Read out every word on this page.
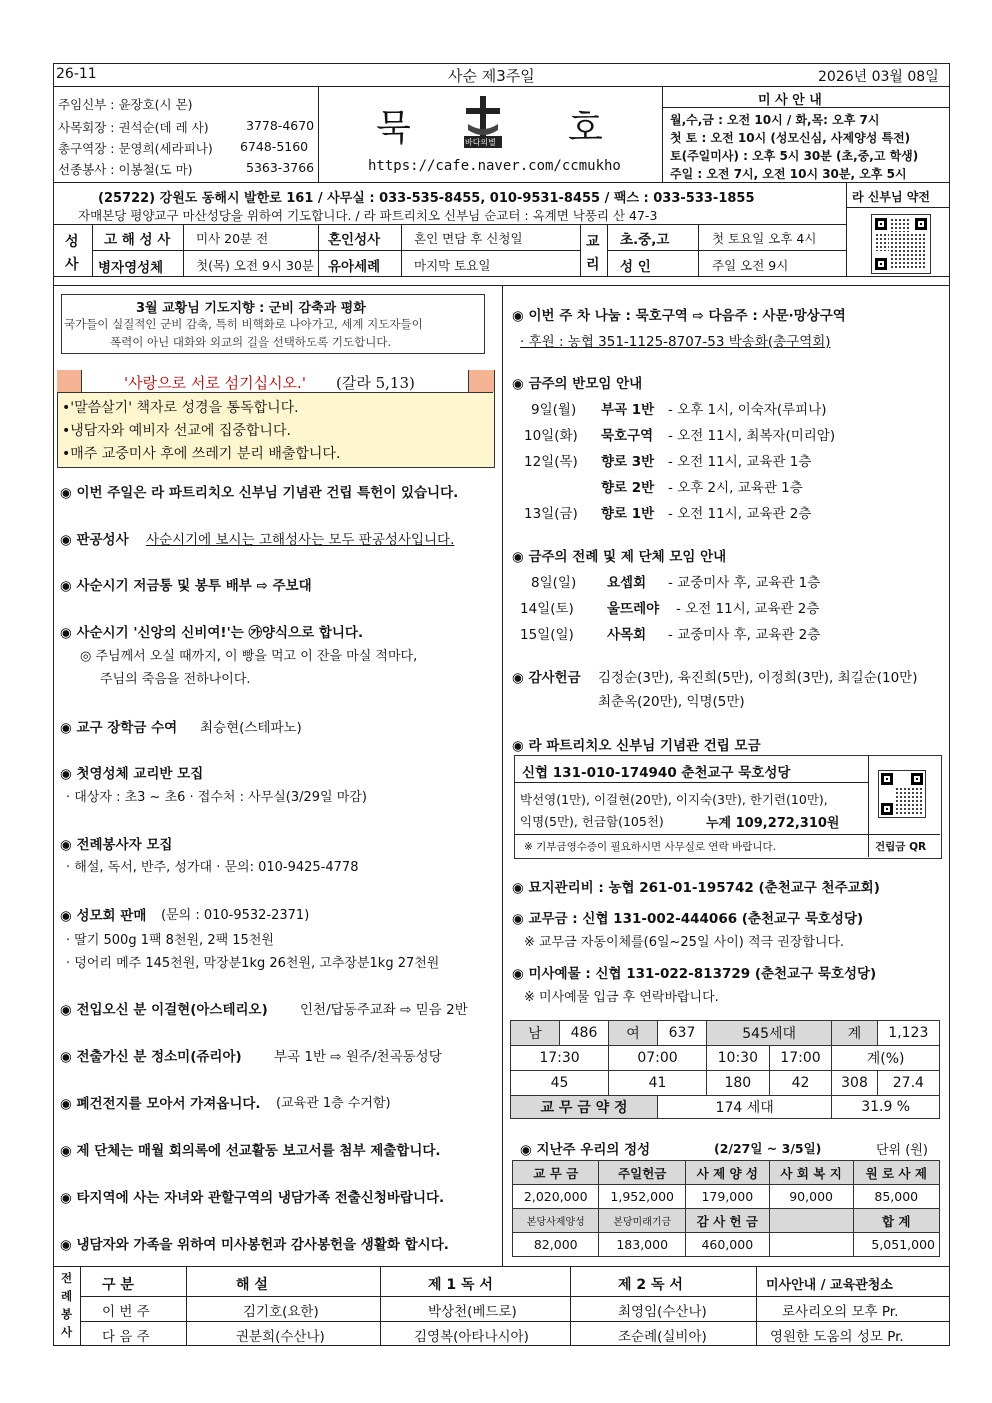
26-11	사순 제3주일	2026년 03월 08일
주임신부 : 윤장호(시 몬)
사목회장 : 권석순(데 레 사)	3778-4670
총구역장 : 문영희(세라피나) 6748-5160
선종봉사 : 이봉철(도 마)	5363-3766
묵	바다의별 호
https://cafe.naver.com/ccmukho
미 사 안 내
월,수,금 : 오전 10시 / 화,목: 오후 7시
첫 토 : 오전 10시 (성모신심, 사제양성 특전)
토(주일미사) : 오후 5시 30분 (초,중,고 학생)
주일 : 오전 7시, 오전 10시 30분, 오후 5시
(25722) 강원도 동해시 발한로 161 / 사무실 : 033-535-8455, 010-9531-8455 / 팩스 : 033-533-1855
자매본당 평양교구 마산성당을 위하여 기도합니다. / 라 파트리치오 신부님 순교터 : 옥계면 낙풍리 산 47-3
라 신부님 약전
성
사
고 해 성 사 미사 20분 전	혼인성사	혼인 면담 후 신청일
병자영성체	첫(목) 오전 9시 30분 유아세례	마지막 토요일
교
리
초.중,고	첫 토요일 오후 4시
성 인	주일 오전 9시
3월 교황님 기도지향 : 군비 감축과 평화
국가들이 실질적인 군비 감축, 특히 비핵화로 나아가고, 세계 지도자들이
폭력이 아닌 대화와 외교의 길을 선택하도록 기도합니다.
'사랑으로 서로 섬기십시오.' (갈라 5,13)
•'말씀살기' 책자로 성경을 통독합니다.
•냉담자와 예비자 선교에 집중합니다.
•매주 교중미사 후에 쓰레기 분리 배출합니다.
◉ 이번 주일은 라 파트리치오 신부님 기념관 건립 특헌이 있습니다.
◉ 판공성사 사순시기에 보시는 고해성사는 모두 판공성사입니다.
◉ 사순시기 저금통 및 봉투 배부 ⇨ 주보대
◉ 사순시기 '신앙의 신비여!'는 ㉮양식으로 합니다.
◎ 주님께서 오실 때까지, 이 빵을 먹고 이 잔을 마실 적마다,
주님의 죽음을 전하나이다.
◉ 교구 장학금 수여 최승현(스테파노)
◉ 첫영성체 교리반 모집
· 대상자 : 초3 ~ 초6 · 접수처 : 사무실(3/29일 마감)
◉ 전례봉사자 모집
· 해설, 독서, 반주, 성가대 · 문의: 010-9425-4778
◉ 성모회 판매 (문의 : 010-9532-2371)
· 딸기 500g 1팩 8천원, 2팩 15천원
· 덩어리 메주 145천원, 막장분1kg 26천원, 고추장분1kg 27천원
◉ 전입오신 분 이걸현(아스테리오) 인천/답동주교좌 ⇨ 믿음 2반
◉ 전출가신 분 정소미(쥬리아) 부곡 1반 ⇨ 원주/천곡동성당
◉ 폐건전지를 모아서 가져옵니다. (교육관 1층 수거함)
◉ 제 단체는 매월 회의록에 선교활동 보고서를 첨부 제출합니다.
◉ 타지역에 사는 자녀와 관할구역의 냉담가족 전출신청바랍니다.
◉ 냉담자와 가족을 위하여 미사봉헌과 감사봉헌을 생활화 합시다.
◉ 이번 주 차 나눔 : 묵호구역 ⇨ 다음주 : 사문·망상구역
· 후원 : 농협 351-1125-8707-53 박송화(총구역회)
◉ 금주의 반모임 안내
9일(월) 부곡 1반 - 오후 1시, 이숙자(루피나)
10일(화) 묵호구역 - 오전 11시, 최복자(미리암)
12일(목) 향로 3반 - 오전 11시, 교육관 1층
향로 2반 - 오후 2시, 교육관 1층
13일(금) 향로 1반 - 오전 11시, 교육관 2층
◉ 금주의 전례 및 제 단체 모임 안내
8일(일) 요셉회 - 교중미사 후, 교육관 1층
14일(토) 울뜨레야 - 오전 11시, 교육관 2층
15일(일) 사목회 - 교중미사 후, 교육관 2층
◉ 감사헌금 김정순(3만), 육진희(5만), 이정희(3만), 최길순(10만)
최춘옥(20만), 익명(5만)
◉ 라 파트리치오 신부님 기념관 건립 모금
신협 131-010-174940 춘천교구 묵호성당
박선영(1만), 이걸현(20만), 이지숙(3만), 한기련(10만),
익명(5만), 헌금함(105천)	누계 109,272,310원
※ 기부금영수증이 필요하시면 사무실로 연락 바랍니다.	건립금 QR
◉ 묘지관리비 : 농협 261-01-195742 (춘천교구 천주교회)
◉ 교무금 : 신협 131-002-444066 (춘천교구 묵호성당)
※ 교무금 자동이체를(6일~25일 사이) 적극 권장합니다.
◉ 미사예물 : 신협 131-022-813729 (춘천교구 묵호성당)
※ 미사예물 입금 후 연락바랍니다.
남	486	여	637	545세대		계	1,123
17:30		07:00		10:30	17:00	계(%)	
45		41		180	42	308	27.4
교 무 금 약 정			174 세대			31.9 %	
◉ 지난주 우리의 정성	(2/27일 ~ 3/5일)	단위 (원)
교 무 금	주일헌금	사 제 양 성	사 회 복 지	원 로 사 제
2,020,000	1,952,000	179,000	90,000	85,000
본당사제양성	본당미래기금	감 사 헌 금		합 계
82,000	183,000	460,000		5,051,000
전
례
봉
사
구 분	해 설	제 1 독 서	제 2 독 서	미사안내 / 교육관청소
이 번 주	김기호(요한)	박상천(베드로)	최영임(수산나)	로사리오의 모후 Pr.
다 음 주	권분희(수산나)	김영복(아타나시아)	조순례(실비아)	영원한 도움의 성모 Pr.
